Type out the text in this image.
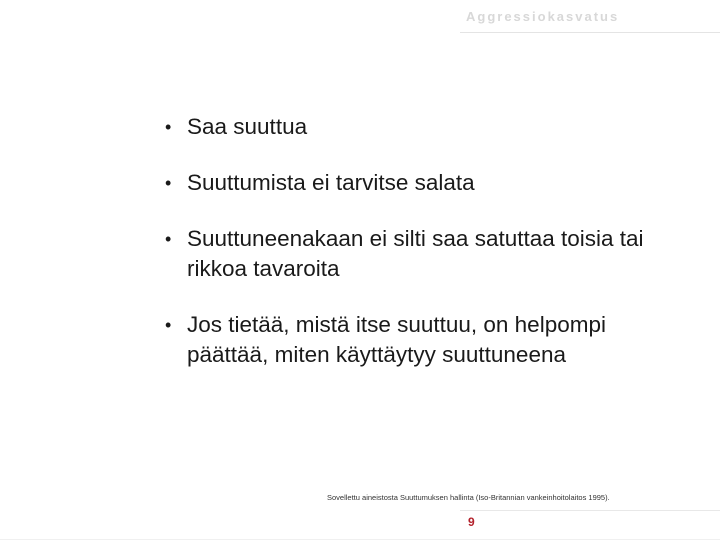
Aggressiokasvatus
• Saa suuttua
• Suuttumista ei tarvitse salata
• Suuttuneenakaan ei silti saa satuttaa toisia tai rikkoa tavaroita
• Jos tietää, mistä itse suuttuu, on helpompi päättää, miten käyttäytyy suuttuneena
Sovellettu aineistosta Suuttumuksen hallinta (Iso-Britannian vankeinhoitolaitos 1995).
9
